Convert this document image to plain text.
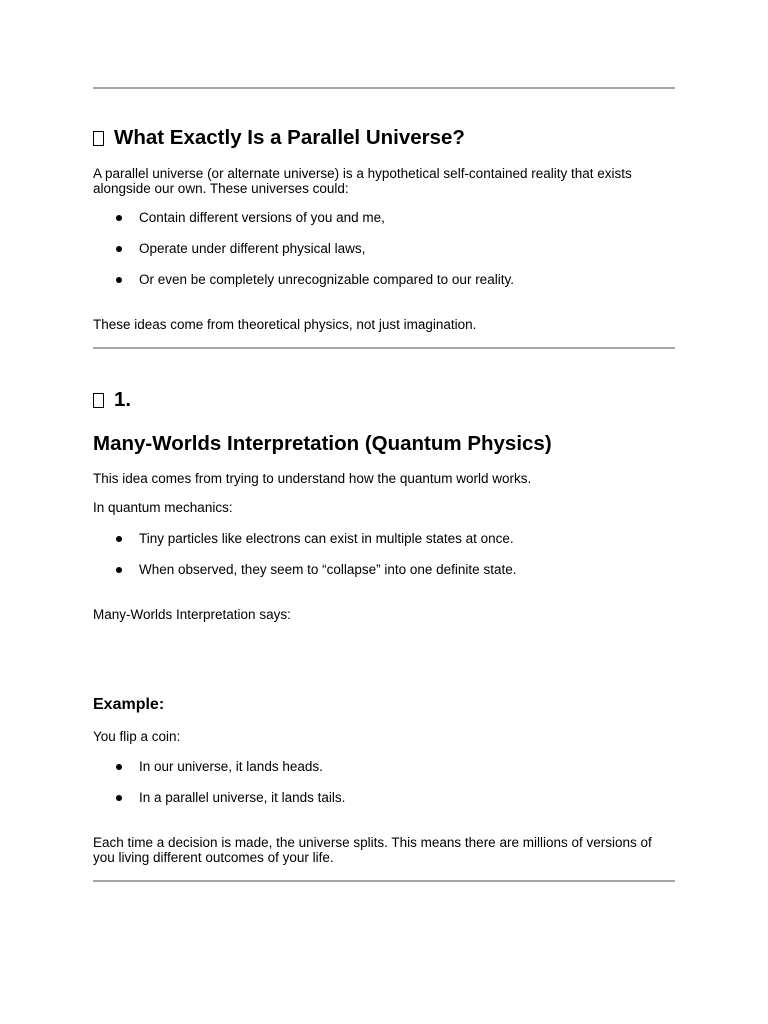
What Exactly Is a Parallel Universe?
A parallel universe (or alternate universe) is a hypothetical self-contained reality that exists alongside our own. These universes could:
Contain different versions of you and me,
Operate under different physical laws,
Or even be completely unrecognizable compared to our reality.
These ideas come from theoretical physics, not just imagination.
1.
Many-Worlds Interpretation (Quantum Physics)
This idea comes from trying to understand how the quantum world works.
In quantum mechanics:
Tiny particles like electrons can exist in multiple states at once.
When observed, they seem to “collapse” into one definite state.
Many-Worlds Interpretation says:
Example:
You flip a coin:
In our universe, it lands heads.
In a parallel universe, it lands tails.
Each time a decision is made, the universe splits. This means there are millions of versions of you living different outcomes of your life.
